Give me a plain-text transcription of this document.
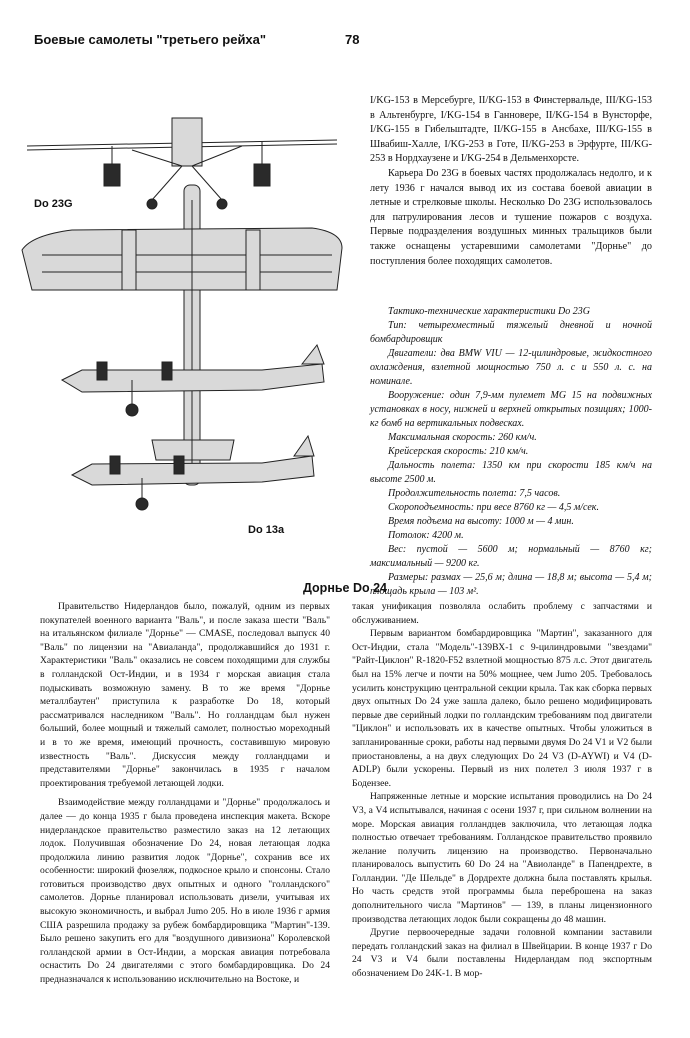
Боевые самолеты "третьего рейха"	78
Do 23G
Do 13a

I/KG-153 в Мерсебурге, II/KG-153 в Финстервальде, III/KG-153 в Альтенбурге, I/KG-154 в Ганновере, II/KG-154 в Вунсторфе, I/KG-155 в Гибельштадте, II/KG-155 в Ансбахе, III/KG-155 в Швабиш-Халле, I/KG-253 в Готе, II/KG-253 в Эрфурте, III/KG-253 в Нордхаузене и I/KG-254 в Дельменхорсте.

Карьера Do 23G в боевых частях продолжалась недолго, и к лету 1936 г начался вывод их из состава боевой авиации в летные и стрелковые школы. Несколько Do 23G использовалось для патрулирования лесов и тушение пожаров с воздуха. Первые подразделения воздушных минных тральщиков были также оснащены устаревшими самолетами "Дорнье" до поступления более походящих самолетов.

Тактико-технические характеристики Do 23G

Тип: четырехместный тяжелый дневной и ночной бомбардировщик

Двигатели: два BMW VIU — 12-цилиндровые, жидкостного охлаждения, взлетной мощностью 750 л. с и 550 л. с. на номинале.

Вооружение: один 7,9-мм пулемет MG 15 на подвижных установках в носу, нижней и верхней открытых позициях; 1000-кг бомб на вертикальных подвесках.

Максимальная скорость: 260 км/ч.

Крейсерская скорость: 210 км/ч.

Дальность полета: 1350 км при скорости 185 км/ч на высоте 2500 м.

Продолжительность полета: 7,5 часов.

Скороподъемность: при весе 8760 кг — 4,5 м/сек.

Время подъема на высоту: 1000 м — 4 мин.

Потолок: 4200 м.

Вес: пустой — 5600 м; нормальный — 8760 кг; максимальный — 9200 кг.

Размеры: размах — 25,6 м; длина — 18,8 м; высота — 5,4 м; площадь крыла — 103 м².

Дорнье Do 24

Правительство Нидерландов было, пожалуй, одним из первых покупателей военного варианта "Валь", и после заказа шести "Валь" на итальянском филиале "Дорнье" — CMASE, последовал выпуск 40 "Валь" по лицензии на "Авиаланда", продолжавшийся до 1931 г. Характеристики "Валь" оказались не совсем походящими для службы в голландской Ост-Индии, и в 1934 г морская авиация стала подыскивать возможную замену. В то же время "Дорнье металлбаутен" приступила к разработке Do 18, который рассматривался наследником "Валь". Но голландцам был нужен больший, более мощный и тяжелый самолет, полностью мореходный и в то же время, имеющий прочность, составившую мировую известность "Валь". Дискуссия между голландцами и представителями "Дорнье" закончилась в 1935 г началом проектирования требуемой летающей лодки.

Взаимодействие между голландцами и "Дорнье" продолжалось и далее — до конца 1935 г была проведена инспекция макета. Вскоре нидерландское правительство разместило заказ на 12 летающих лодок. Получившая обозначение Do 24, новая летающая лодка продолжила линию развития лодок "Дорнье", сохранив все их особенности: широкий фюзеляж, подкосное крыло и спонсоны. Стало готовиться производство двух опытных и одного "голландского" самолетов. Дорнье планировал использовать дизели, учитывая их высокую экономичность, и выбрал Jumo 205. Но в июле 1936 г армия США разрешила продажу за рубеж бомбардировщика "Мартин"-139. Было решено закупить его для "воздушного дивизиона" Королевской голландской армии в Ост-Индии, а морская авиация потребовала оснастить Do 24 двигателями с этого бомбардировщика. Do 24 предназначался к использованию исключительно на Востоке, и

такая унификация позволяла ослабить проблему с запчастями и обслуживанием.

Первым вариантом бомбардировщика "Мартин", заказанного для Ост-Индии, стала "Модель"-139ВХ-1 с 9-цилиндровыми "звездами" "Райт-Циклон" R-1820-F52 взлетной мощностью 875 л.с. Этот двигатель был на 15% легче и почти на 50% мощнее, чем Jumo 205. Требовалось усилить конструкцию центральной секции крыла. Так как сборка первых двух опытных Do 24 уже зашла далеко, было решено модифицировать первые две серийный лодки по голландским требованиям под двигатели "Циклон" и использовать их в качестве опытных. Чтобы уложиться в запланированные сроки, работы над первыми двумя Do 24 V1 и V2 были приостановлены, а на двух следующих Do 24 V3 (D-AYWI) и V4 (D-ADLP) были ускорены. Первый из них полетел 3 июля 1937 г в Бодензее.

Напряженные летные и морские испытания проводились на Do 24 V3, а V4 испытывался, начиная с осени 1937 г, при сильном волнении на море. Морская авиация голландцев заключила, что летающая лодка полностью отвечает требованиям. Голландское правительство проявило желание получить лицензию на производство. Первоначально планировалось выпустить 60 Do 24 на "Авиоланде" в Папендрехте, в Голландии. "Де Шельде" в Дордрехте должна была поставлять крылья. Но часть средств этой программы была переброшена на заказ дополнительного числа "Мартинов" — 139, в планы лицензионного производства летающих лодок были сокращены до 48 машин.

Другие первоочередные задачи головной компании заставили передать голландский заказ на филиал в Швейцарии. В конце 1937 г Do 24 V3 и V4 были поставлены Нидерландам под экспортным обозначением Do 24K-1. В мор-
